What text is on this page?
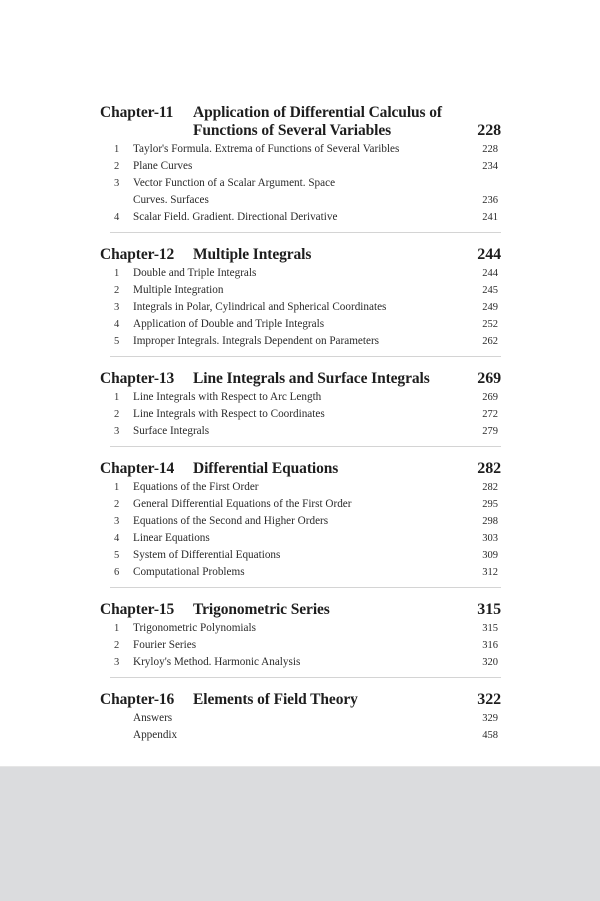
Chapter-11	Application of Differential Calculus of
Functions of Several Variables	228
1	Taylor's Formula. Extrema of Functions of Several Varibles	228
2	Plane Curves	234
3	Vector Function of a Scalar Argument. Space
Curves. Surfaces	236
4	Scalar Field. Gradient. Directional Derivative	241
Chapter-12	Multiple Integrals	244
1	Double and Triple Integrals	244
2	Multiple Integration	245
3	Integrals in Polar, Cylindrical and Spherical Coordinates	249
4	Application of Double and Triple Integrals	252
5	Improper Integrals. Integrals Dependent on Parameters	262
Chapter-13	Line Integrals and Surface Integrals	269
1	Line Integrals with Respect to Arc Length	269
2	Line Integrals with Respect to Coordinates	272
3	Surface Integrals	279
Chapter-14	Differential Equations	282
1	Equations of the First Order	282
2	General Differential Equations of the First Order	295
3	Equations of the Second and Higher Orders	298
4	Linear Equations	303
5	System of Differential Equations	309
6	Computational Problems	312
Chapter-15	Trigonometric Series	315
1	Trigonometric Polynomials	315
2	Fourier Series	316
3	Kryloy's Method. Harmonic Analysis	320
Chapter-16	Elements of Field Theory	322
Answers	329
Appendix	458
